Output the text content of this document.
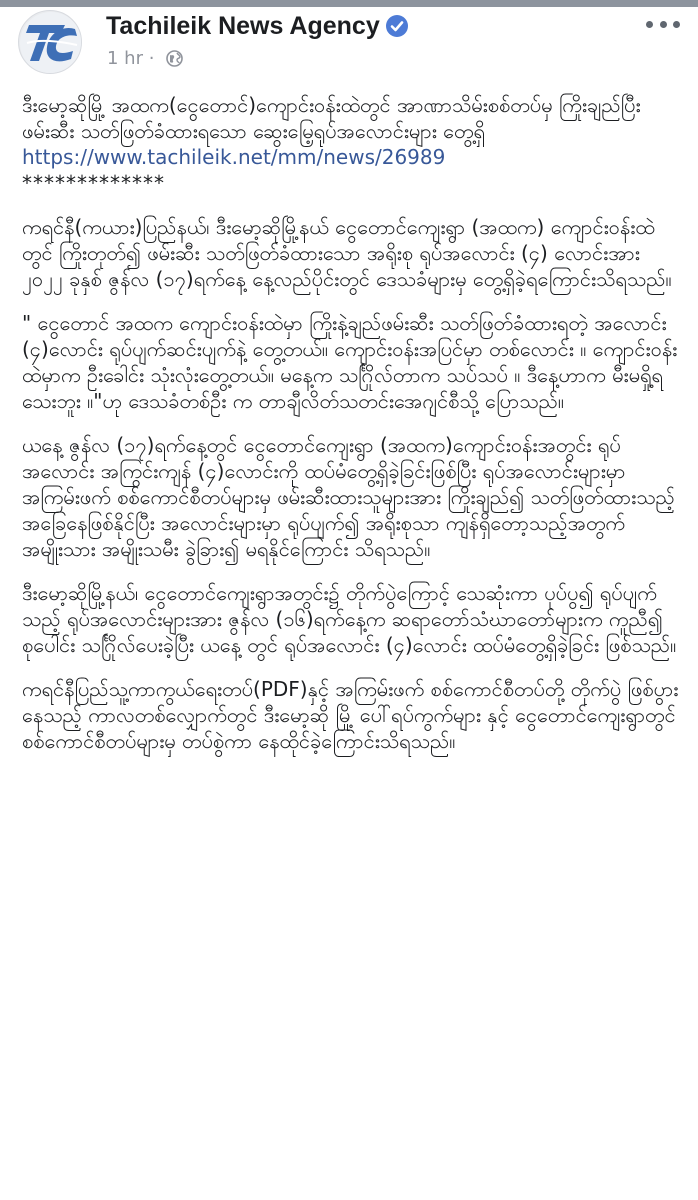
Tachileik News Agency
1 hr ·

ဒီးမော့ဆိုမြို့ အထက(ငွေတောင်)ကျောင်းဝန်းထဲတွင် အာဏာသိမ်းစစ်တပ်မှ ကြိုးချည်ပြီး ဖမ်းဆီး သတ်ဖြတ်ခံထားရသော ဆွေးမြေ့ရုပ်အလောင်းများ တွေ့ရှိ
https://www.tachileik.net/mm/news/26989
*************

ကရင်နီ(ကယား)ပြည်နယ်၊ ဒီးမော့ဆိုမြို့နယ် ငွေတောင်ကျေးရွာ (အထက) ကျောင်းဝန်းထဲတွင် ကြိုးတုတ်၍ ဖမ်းဆီး သတ်ဖြတ်ခံထားသော အရိုးစု ရုပ်အလောင်း (၄) လောင်းအား ၂၀၂၂ ခုနှစ် ဇွန်လ (၁၇)ရက်နေ့ နေ့လည်ပိုင်းတွင် ဒေသခံများမှ တွေ့ရှိခဲ့ရကြောင်းသိရသည်။

" ငွေတောင် အထက ကျောင်းဝန်းထဲမှာ ကြိုးနဲ့ချည်ဖမ်းဆီး သတ်ဖြတ်ခံထားရတဲ့ အလောင်း (၄)လောင်း ရုပ်ပျက်ဆင်းပျက်နဲ့ တွေ့တယ်။ ကျောင်းဝန်းအပြင်မှာ တစ်လောင်း ။ ကျောင်းဝန်းထဲမှာက ဦးခေါင်း သုံးလုံးတွေ့တယ်။ မနေ့က သင်္ဂြိုလ်တာက သပ်သပ် ။ ဒီနေ့ဟာက မီးမရှို့ရသေးဘူး ။"ဟု ဒေသခံတစ်ဦး က တာချီလိတ်သတင်းအေဂျင်စီသို့ ပြောသည်။

ယနေ့ ဇွန်လ (၁၇)ရက်နေ့တွင် ငွေတောင်ကျေးရွာ (အထက)ကျောင်းဝန်းအတွင်း ရုပ်အလောင်း အကြွင်းကျန် (၄)လောင်းကို ထပ်မံတွေ့ရှိခဲ့ခြင်းဖြစ်ပြီး ရုပ်အလောင်းများမှာ အကြမ်းဖက် စစ်ကောင်စီတပ်များမှ ဖမ်းဆီးထားသူများအား ကြိုးချည်၍ သတ်ဖြတ်ထားသည့် အခြေနေဖြစ်နိုင်ပြီး အလောင်းများမှာ ရုပ်ပျက်၍ အရိုးစုသာ ကျန်ရှိတော့သည့်အတွက် အမျိုးသား အမျိုးသမီး ခွဲခြား၍ မရနိုင်ကြောင်း သိရသည်။

ဒီးမော့ဆိုမြို့နယ်၊ ငွေတောင်ကျေးရွာအတွင်း၌ တိုက်ပွဲကြောင့် သေဆုံးကာ ပုပ်ပွ၍ ရုပ်ပျက်သည့် ရုပ်အလောင်းများအား ဇွန်လ (၁၆)ရက်နေ့က ဆရာတော်သံဃာတော်များက ကူညီ၍ စုပေါင်း သင်္ဂြိုလ်ပေးခဲ့ပြီး ယနေ့ တွင် ရုပ်အလောင်း (၄)လောင်း ထပ်မံတွေ့ရှိခဲ့ခြင်း ဖြစ်သည်။

ကရင်နီပြည်သူ့ကာကွယ်ရေးတပ်(PDF)နှင့် အကြမ်းဖက် စစ်ကောင်စီတပ်တို့ တိုက်ပွဲ ဖြစ်ပွားနေသည့် ကာလတစ်လျှောက်တွင် ဒီးမော့ဆို မြို့ ပေါ်ရပ်ကွက်များ နှင့် ငွေတောင်ကျေးရွာတွင် စစ်ကောင်စီတပ်များမှ တပ်စွဲကာ နေထိုင်ခဲ့ကြောင်းသိရသည်။
